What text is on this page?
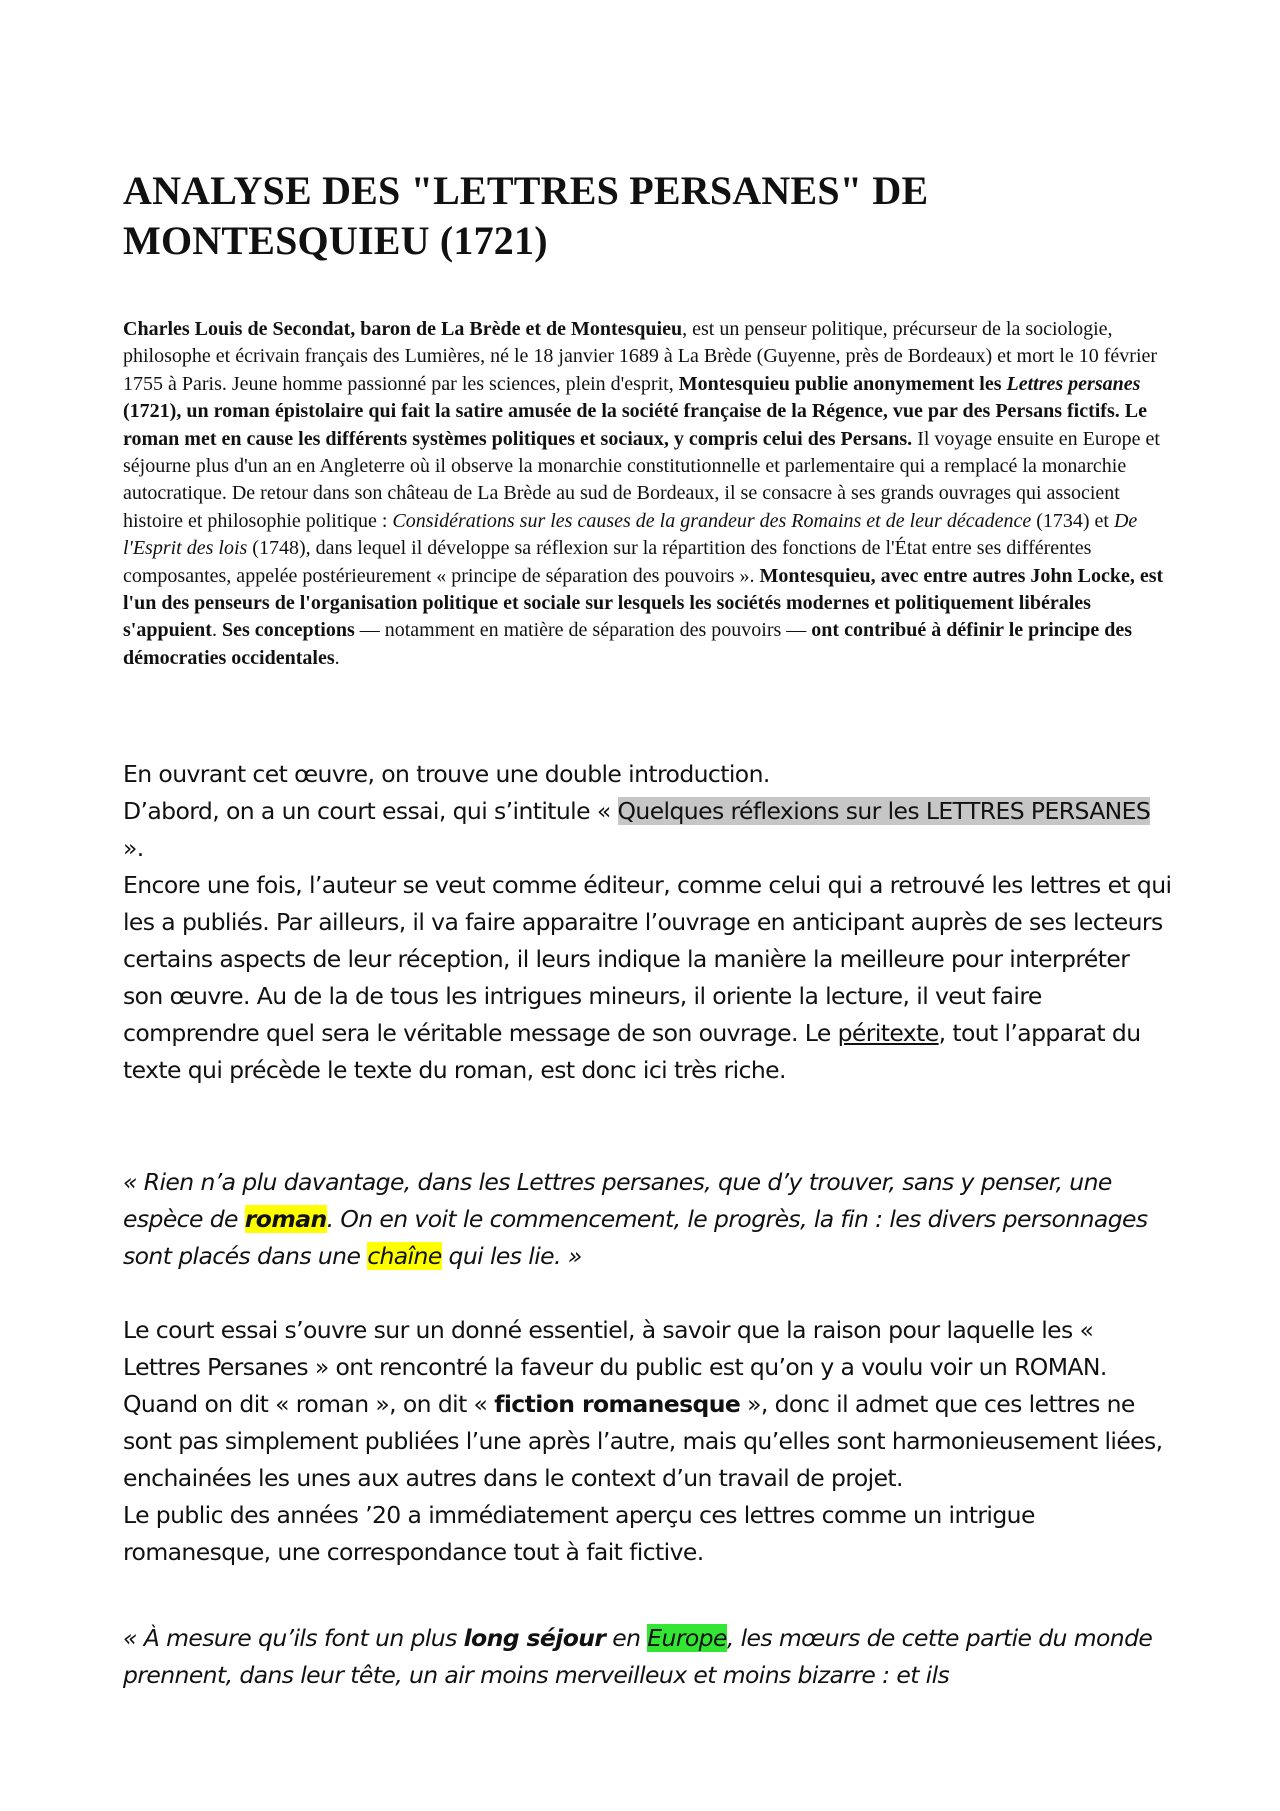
ANALYSE DES "LETTRES PERSANES" DE MONTESQUIEU (1721)

Charles Louis de Secondat, baron de La Brède et de Montesquieu, est un penseur politique, précurseur de la sociologie, philosophe et écrivain français des Lumières, né le 18 janvier 1689 à La Brède (Guyenne, près de Bordeaux) et mort le 10 février 1755 à Paris. Jeune homme passionné par les sciences, plein d'esprit, Montesquieu publie anonymement les Lettres persanes (1721), un roman épistolaire qui fait la satire amusée de la société française de la Régence, vue par des Persans fictifs. Le roman met en cause les différents systèmes politiques et sociaux, y compris celui des Persans. Il voyage ensuite en Europe et séjourne plus d'un an en Angleterre où il observe la monarchie constitutionnelle et parlementaire qui a remplacé la monarchie autocratique. De retour dans son château de La Brède au sud de Bordeaux, il se consacre à ses grands ouvrages qui associent histoire et philosophie politique : Considérations sur les causes de la grandeur des Romains et de leur décadence (1734) et De l'Esprit des lois (1748), dans lequel il développe sa réflexion sur la répartition des fonctions de l'État entre ses différentes composantes, appelée postérieurement « principe de séparation des pouvoirs ». Montesquieu, avec entre autres John Locke, est l'un des penseurs de l'organisation politique et sociale sur lesquels les sociétés modernes et politiquement libérales s'appuient. Ses conceptions — notamment en matière de séparation des pouvoirs — ont contribué à définir le principe des démocraties occidentales.

En ouvrant cet œuvre, on trouve une double introduction.
D’abord, on a un court essai, qui s’intitule « Quelques réflexions sur les LETTRES PERSANES ».
Encore une fois, l’auteur se veut comme éditeur, comme celui qui a retrouvé les lettres et qui les a publiés. Par ailleurs, il va faire apparaitre l’ouvrage en anticipant auprès de ses lecteurs certains aspects de leur réception, il leurs indique la manière la meilleure pour interpréter son œuvre. Au de la de tous les intrigues mineurs, il oriente la lecture, il veut faire comprendre quel sera le véritable message de son ouvrage. Le péritexte, tout l’apparat du texte qui précède le texte du roman, est donc ici très riche.

« Rien n’a plu davantage, dans les Lettres persanes, que d’y trouver, sans y penser, une espèce de roman. On en voit le commencement, le progrès, la fin : les divers personnages sont placés dans une chaîne qui les lie. »

Le court essai s’ouvre sur un donné essentiel, à savoir que la raison pour laquelle les « Lettres Persanes » ont rencontré la faveur du public est qu’on y a voulu voir un ROMAN. Quand on dit « roman », on dit « fiction romanesque », donc il admet que ces lettres ne sont pas simplement publiées l’une après l’autre, mais qu’elles sont harmonieusement liées, enchainées les unes aux autres dans le context d’un travail de projet.
Le public des années ’20 a immédiatement aperçu ces lettres comme un intrigue romanesque, une correspondance tout à fait fictive.

« À mesure qu’ils font un plus long séjour en Europe, les mœurs de cette partie du monde prennent, dans leur tête, un air moins merveilleux et moins bizarre : et ils
